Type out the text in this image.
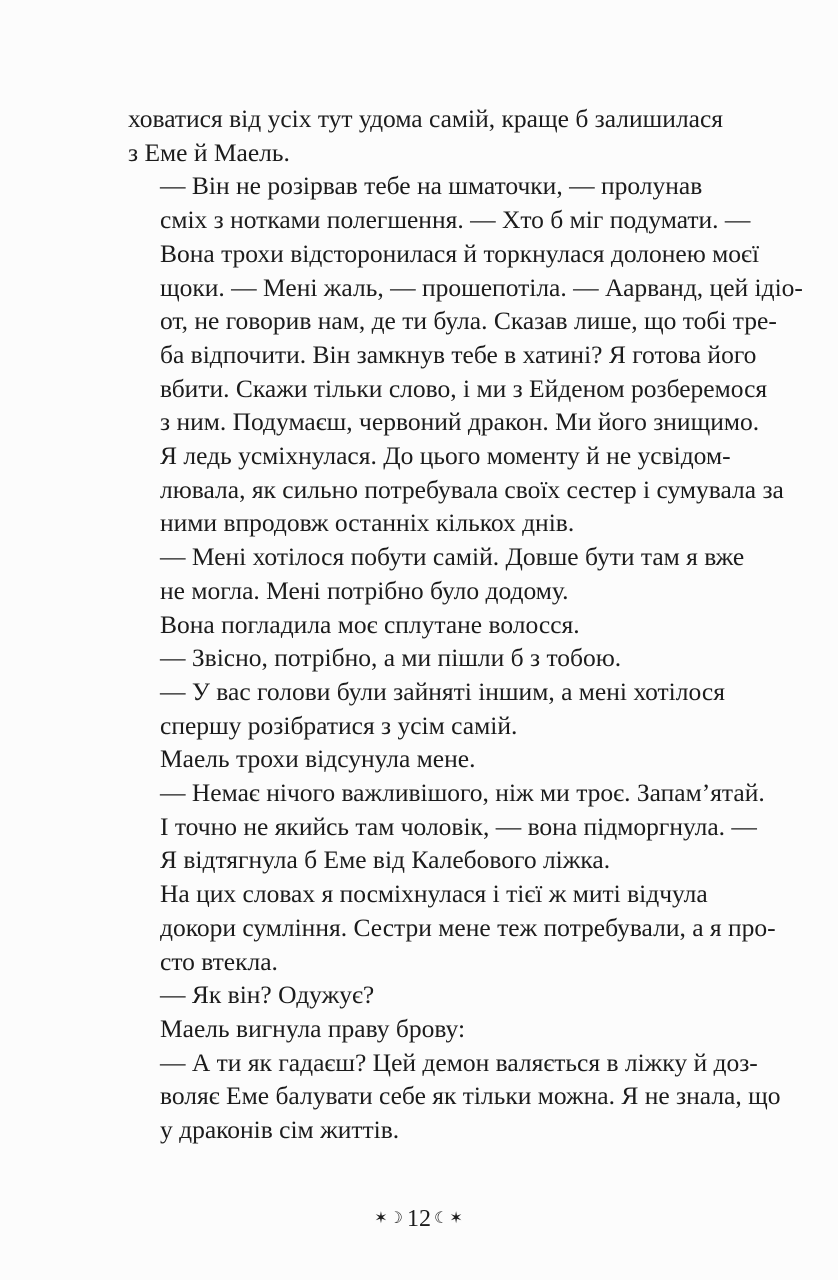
ховатися від усіх тут удома самій, краще б залишилася
з Еме й Маель.

— Він не розірвав тебе на шматочки, — пролунав
сміх з нотками полегшення. — Хто б міг подумати. —
Вона трохи відсторонилася й торкнулася долонею моєї
щоки. — Мені жаль, — прошепотіла. — Аарванд, цей ідіо-
от, не говорив нам, де ти була. Сказав лише, що тобі тре-
ба відпочити. Він замкнув тебе в хатині? Я готова його
вбити. Скажи тільки слово, і ми з Ейденом розберемося
з ним. Подумаєш, червоний дракон. Ми його знищимо.

Я ледь усміхнулася. До цього моменту й не усвідом-
лювала, як сильно потребувала своїх сестер і сумувала за
ними впродовж останніх кількох днів.

— Мені хотілося побути самій. Довше бути там я вже
не могла. Мені потрібно було додому.

Вона погладила моє сплутане волосся.

— Звісно, потрібно, а ми пішли б з тобою.

— У вас голови були зайняті іншим, а мені хотілося
спершу розібратися з усім самій.

Маель трохи відсунула мене.

— Немає нічого важливішого, ніж ми троє. Запам’ятай.
І точно не якийсь там чоловік, — вона підморгнула. —
Я відтягнула б Еме від Калебового ліжка.

На цих словах я посміхнулася і тієї ж миті відчула
докори сумління. Сестри мене теж потребували, а я про-
сто втекла.

— Як він? Одужує?

Маель вигнула праву брову:

— А ти як гадаєш? Цей демон валяється в ліжку й доз-
воляє Еме балувати себе як тільки можна. Я не знала, що
у драконів сім життів.

✶☽ 12 ☾✶
